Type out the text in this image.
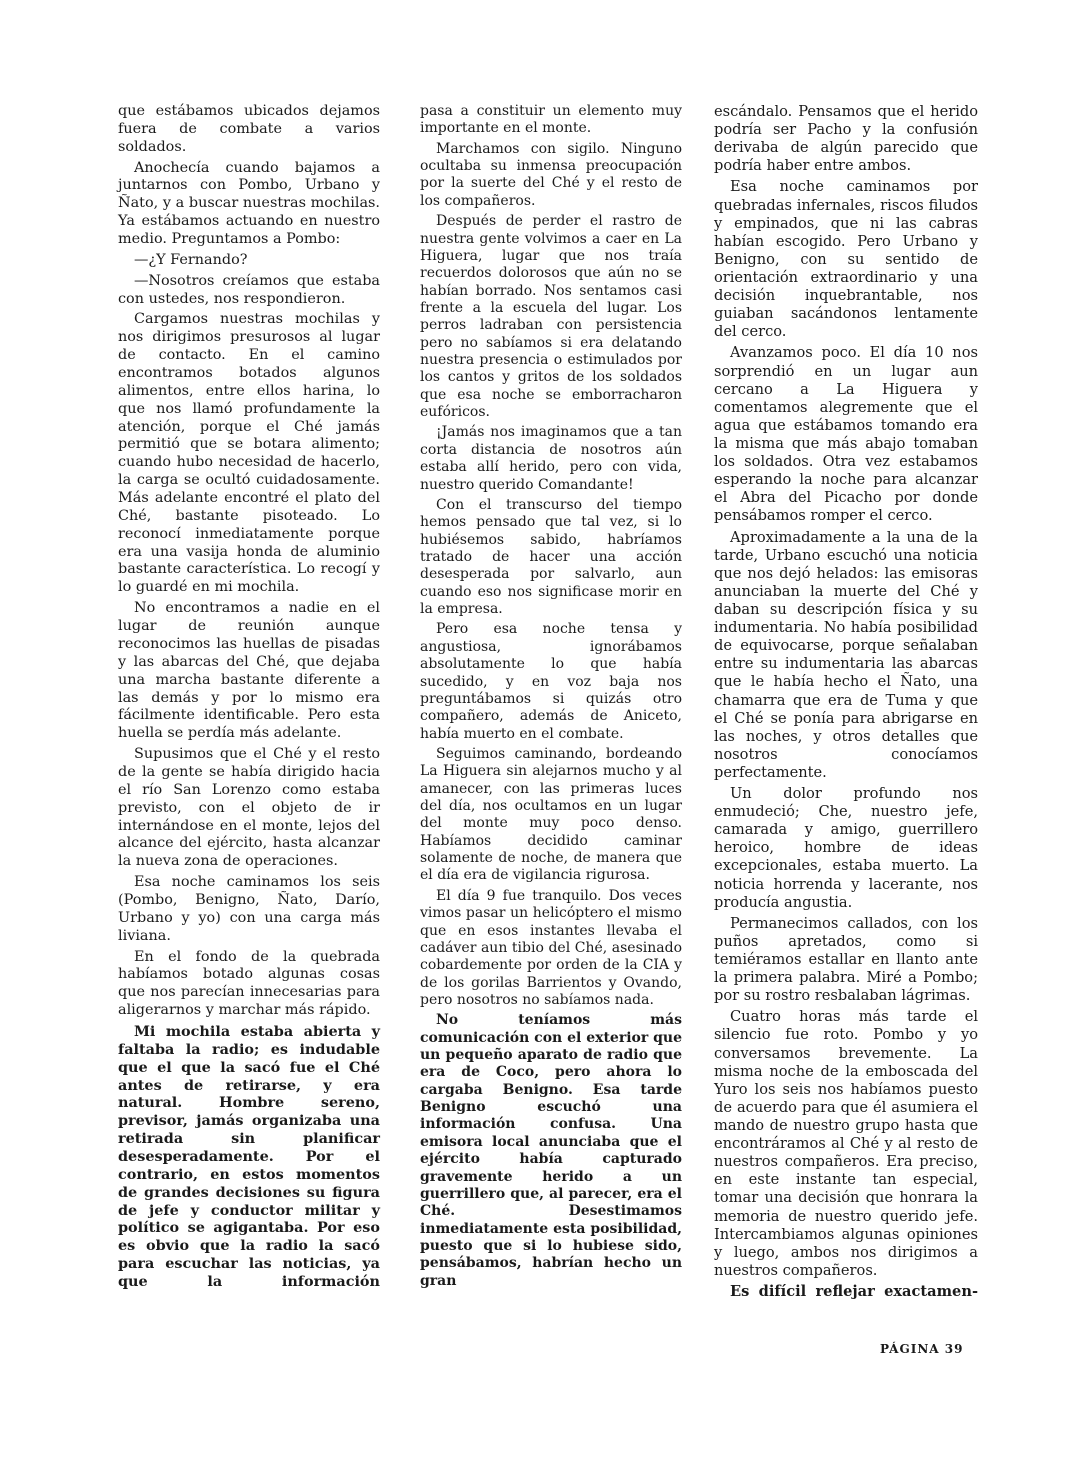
que estábamos ubicados dejamos fuera de combate a varios soldados.

Anochecía cuando bajamos a juntarnos con Pombo, Urbano y Ñato, y a buscar nuestras mochilas. Ya estábamos actuando en nuestro medio. Preguntamos a Pombo:

—¿Y Fernando?

—Nosotros creíamos que estaba con ustedes, nos respondieron.

Cargamos nuestras mochilas y nos dirigimos presurosos al lugar de contacto. En el camino encontramos botados algunos alimentos, entre ellos harina, lo que nos llamó profundamente la atención, porque el Ché jamás permitió que se botara alimento; cuando hubo necesidad de hacerlo, la carga se ocultó cuidadosamente. Más adelante encontré el plato del Ché, bastante pisoteado. Lo reconocí inmediatamente porque era una vasija honda de aluminio bastante característica. Lo recogí y lo guardé en mi mochila.

No encontramos a nadie en el lugar de reunión aunque reconocimos las huellas de pisadas y las abarcas del Ché, que dejaba una marcha bastante diferente a las demás y por lo mismo era fácilmente identificable. Pero esta huella se perdía más adelante.

Supusimos que el Ché y el resto de la gente se había dirigido hacia el río San Lorenzo como estaba previsto, con el objeto de ir internándose en el monte, lejos del alcance del ejército, hasta alcanzar la nueva zona de operaciones.

Esa noche caminamos los seis (Pombo, Benigno, Ñato, Darío, Urbano y yo) con una carga más liviana.

En el fondo de la quebrada habíamos botado algunas cosas que nos parecían innecesarias para aligerarnos y marchar más rápido.

Mi mochila estaba abierta y faltaba la radio; es indudable que el que la sacó fue el Ché antes de retirarse, y era natural. Hombre sereno, previsor, jamás organizaba una retirada sin planificar desesperadamente. Por el contrario, en estos momentos de grandes decisiones su figura de jefe y conductor militar y político se agigantaba. Por eso es obvio que la radio la sacó para escuchar las noticias, ya que la información

pasa a constituir un elemento muy importante en el monte.

Marchamos con sigilo. Ninguno ocultaba su inmensa preocupación por la suerte del Ché y el resto de los compañeros.

Después de perder el rastro de nuestra gente volvimos a caer en La Higuera, lugar que nos traía recuerdos dolorosos que aún no se habían borrado. Nos sentamos casi frente a la escuela del lugar. Los perros ladraban con persistencia pero no sabíamos si era delatando nuestra presencia o estimulados por los cantos y gritos de los soldados que esa noche se emborracharon eufóricos.

¡Jamás nos imaginamos que a tan corta distancia de nosotros aún estaba allí herido, pero con vida, nuestro querido Comandante!

Con el transcurso del tiempo hemos pensado que tal vez, si lo hubiésemos sabido, habríamos tratado de hacer una acción desesperada por salvarlo, aun cuando eso nos significase morir en la empresa.

Pero esa noche tensa y angustiosa, ignorábamos absolutamente lo que había sucedido, y en voz baja nos preguntábamos si quizás otro compañero, además de Aniceto, había muerto en el combate.

Seguimos caminando, bordeando La Higuera sin alejarnos mucho y al amanecer, con las primeras luces del día, nos ocultamos en un lugar del monte muy poco denso. Habíamos decidido caminar solamente de noche, de manera que el día era de vigilancia rigurosa.

El día 9 fue tranquilo. Dos veces vimos pasar un helicóptero el mismo que en esos instantes llevaba el cadáver aun tibio del Ché, asesinado cobardemente por orden de la CIA y de los gorilas Barrientos y Ovando, pero nosotros no sabíamos nada.

No teníamos más comunicación con el exterior que un pequeño aparato de radio que era de Coco, pero ahora lo cargaba Benigno. Esa tarde Benigno escuchó una información confusa. Una emisora local anunciaba que el ejército había capturado gravemente herido a un guerrillero que, al parecer, era el Ché. Desestimamos inmediatamente esta posibilidad, puesto que si lo hubiese sido, pensábamos, habrían hecho un gran

escándalo. Pensamos que el herido podría ser Pacho y la confusión derivaba de algún parecido que podría haber entre ambos.

Esa noche caminamos por quebradas infernales, riscos filudos y empinados, que ni las cabras habían escogido. Pero Urbano y Benigno, con su sentido de orientación extraordinario y una decisión inquebrantable, nos guiaban sacándonos lentamente del cerco.

Avanzamos poco. El día 10 nos sorprendió en un lugar aun cercano a La Higuera y comentamos alegremente que el agua que estábamos tomando era la misma que más abajo tomaban los soldados. Otra vez estabamos esperando la noche para alcanzar el Abra del Picacho por donde pensábamos romper el cerco.

Aproximadamente a la una de la tarde, Urbano escuchó una noticia que nos dejó helados: las emisoras anunciaban la muerte del Ché y daban su descripción física y su indumentaria. No había posibilidad de equivocarse, porque señalaban entre su indumentaria las abarcas que le había hecho el Ñato, una chamarra que era de Tuma y que el Ché se ponía para abrigarse en las noches, y otros detalles que nosotros conocíamos perfectamente.

Un dolor profundo nos enmudeció; Che, nuestro jefe, camarada y amigo, guerrillero heroico, hombre de ideas excepcionales, estaba muerto. La noticia horrenda y lacerante, nos producía angustia.

Permanecimos callados, con los puños apretados, como si temiéramos estallar en llanto ante la primera palabra. Miré a Pombo; por su rostro resbalaban lágrimas.

Cuatro horas más tarde el silencio fue roto. Pombo y yo conversamos brevemente. La misma noche de la emboscada del Yuro los seis nos habíamos puesto de acuerdo para que él asumiera el mando de nuestro grupo hasta que encontráramos al Ché y al resto de nuestros compañeros. Era preciso, en este instante tan especial, tomar una decisión que honrara la memoria de nuestro querido jefe. Intercambiamos algunas opiniones y luego, ambos nos dirigimos a nuestros compañeros.

Es difícil reflejar exactamen-

PÁGINA 39
